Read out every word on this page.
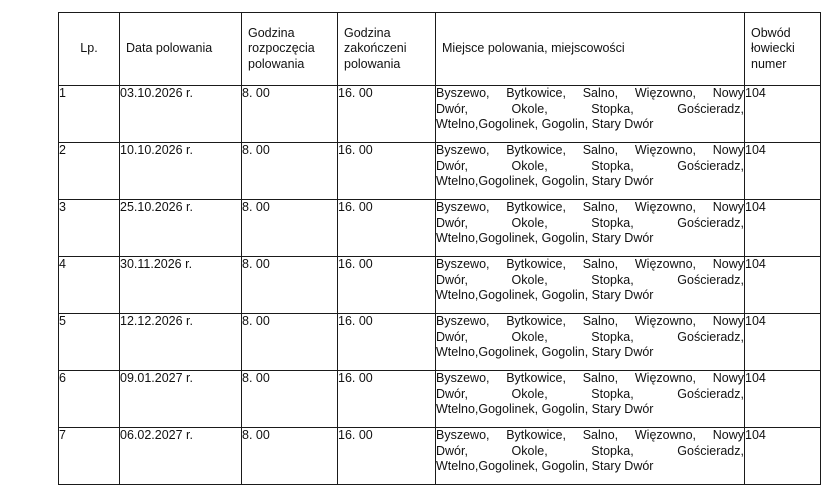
Lp.	Data polowania	Godzina
rozpoczęcia
polowania	Godzina
zakończeni
polowania	Miejsce polowania, miejscowości	Obwód
łowiecki
numer

1	03.10.2026 r.	8. 00	16. 00	Byszewo, Bytkowice, Salno, Więzowno, Nowy
Dwór, Okole, Stopka, Gościeradz,
Wtelno,Gogolinek, Gogolin, Stary Dwór	104
2	10.10.2026 r.	8. 00	16. 00	Byszewo, Bytkowice, Salno, Więzowno, Nowy
Dwór, Okole, Stopka, Gościeradz,
Wtelno,Gogolinek, Gogolin, Stary Dwór	104
3	25.10.2026 r.	8. 00	16. 00	Byszewo, Bytkowice, Salno, Więzowno, Nowy
Dwór, Okole, Stopka, Gościeradz,
Wtelno,Gogolinek, Gogolin, Stary Dwór	104
4	30.11.2026 r.	8. 00	16. 00	Byszewo, Bytkowice, Salno, Więzowno, Nowy
Dwór, Okole, Stopka, Gościeradz,
Wtelno,Gogolinek, Gogolin, Stary Dwór	104
5	12.12.2026 r.	8. 00	16. 00	Byszewo, Bytkowice, Salno, Więzowno, Nowy
Dwór, Okole, Stopka, Gościeradz,
Wtelno,Gogolinek, Gogolin, Stary Dwór	104
6	09.01.2027 r.	8. 00	16. 00	Byszewo, Bytkowice, Salno, Więzowno, Nowy
Dwór, Okole, Stopka, Gościeradz,
Wtelno,Gogolinek, Gogolin, Stary Dwór	104
7	06.02.2027 r.	8. 00	16. 00	Byszewo, Bytkowice, Salno, Więzowno, Nowy
Dwór, Okole, Stopka, Gościeradz,
Wtelno,Gogolinek, Gogolin, Stary Dwór	104
